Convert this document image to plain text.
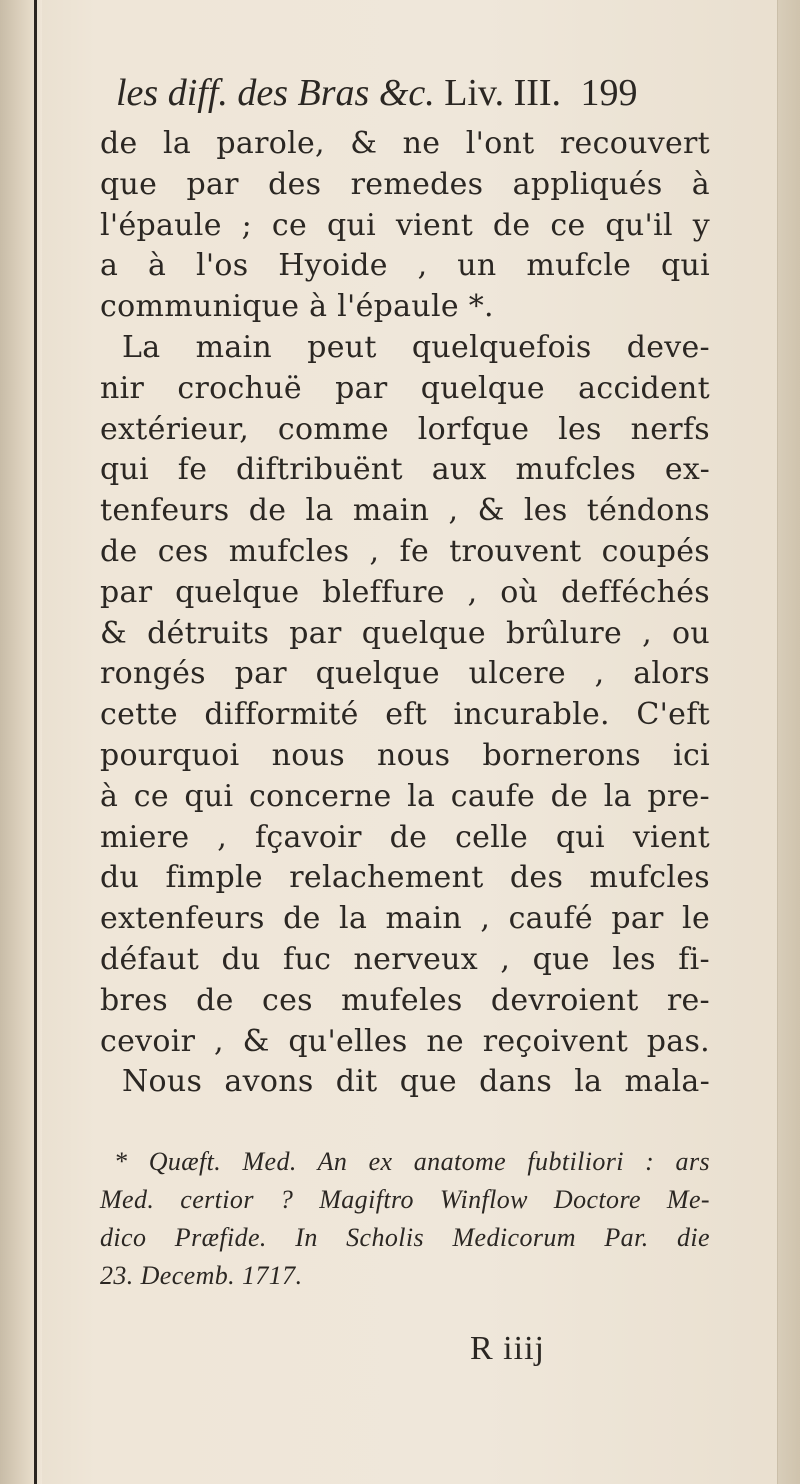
les diff. des Bras &c. Liv. III. 199
de la parole, & ne l'ont recouvert
que par des remedes appliqués à
l'épaule ; ce qui vient de ce qu'il y
a à l'os Hyoide , un mufcle qui
communique à l'épaule *.
La main peut quelquefois deve-
nir crochuë par quelque accident
extérieur, comme lorfque les nerfs
qui fe diftribuënt aux mufcles ex-
tenfeurs de la main , & les téndons
de ces mufcles , fe trouvent coupés
par quelque bleffure , où defféchés
& détruits par quelque brûlure , ou
rongés par quelque ulcere , alors
cette difformité eft incurable. C'eft
pourquoi nous nous bornerons ici
à ce qui concerne la caufe de la pre-
miere , fçavoir de celle qui vient
du fimple relachement des mufcles
extenfeurs de la main , caufé par le
défaut du fuc nerveux , que les fi-
bres de ces mufeles devroient re-
cevoir , & qu'elles ne reçoivent pas.
Nous avons dit que dans la mala-
* Quæft. Med. An ex anatome fubtiliori : ars
Med. certior ? Magiftro Winflow Doctore Me-
dico Præfide. In Scholis Medicorum Par. die
23. Decemb. 1717.
R iiij
